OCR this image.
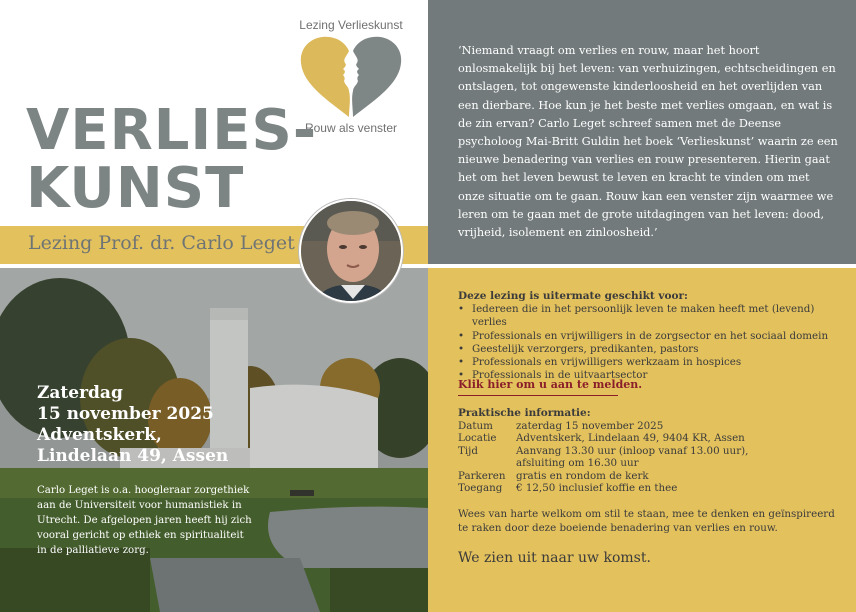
Lezing Verlieskunst
Rouw als venster
VERLIES-
KUNST
Lezing Prof. dr. Carlo Leget
Zaterdag
15 november 2025
Adventskerk,
Lindelaan 49, Assen
Carlo Leget is o.a. hoogleraar zorgethiek aan de Universiteit voor humanistiek in Utrecht. De afgelopen jaren heeft hij zich vooral gericht op ethiek en spiritualiteit in de palliatieve zorg.
‘Niemand vraagt om verlies en rouw, maar het hoort onlosmakelijk bij het leven: van verhuizingen, echtscheidingen en ontslagen, tot ongewenste kinderloosheid en het overlijden van een dierbare. Hoe kun je het beste met verlies omgaan, en wat is de zin ervan? Carlo Leget schreef samen met de Deense psycholoog Mai-Britt Guldin het boek ‘Verlieskunst’ waarin ze een nieuwe benadering van verlies en rouw presenteren. Hierin gaat het om het leven bewust te leven en kracht te vinden om met onze situatie om te gaan. Rouw kan een venster zijn waarmee we leren om te gaan met de grote uitdagingen van het leven: dood, vrijheid, isolement en zinloosheid.’
Deze lezing is uitermate geschikt voor:
• Iedereen die in het persoonlijk leven te maken heeft met (levend) verlies
• Professionals en vrijwilligers in de zorgsector en het sociaal domein
• Geestelijk verzorgers, predikanten, pastors
• Professionals en vrijwilligers werkzaam in hospices
• Professionals in de uitvaartsector
Klik hier om u aan te melden.
Praktische informatie:
Datum	zaterdag 15 november 2025
Locatie	Adventskerk, Lindelaan 49, 9404 KR, Assen
Tijd	Aanvang 13.30 uur (inloop vanaf 13.00 uur),
afsluiting om 16.30 uur
Parkeren	gratis en rondom de kerk
Toegang	€ 12,50 inclusief koffie en thee
Wees van harte welkom om stil te staan, mee te denken en geïnspireerd te raken door deze boeiende benadering van verlies en rouw.
We zien uit naar uw komst.
